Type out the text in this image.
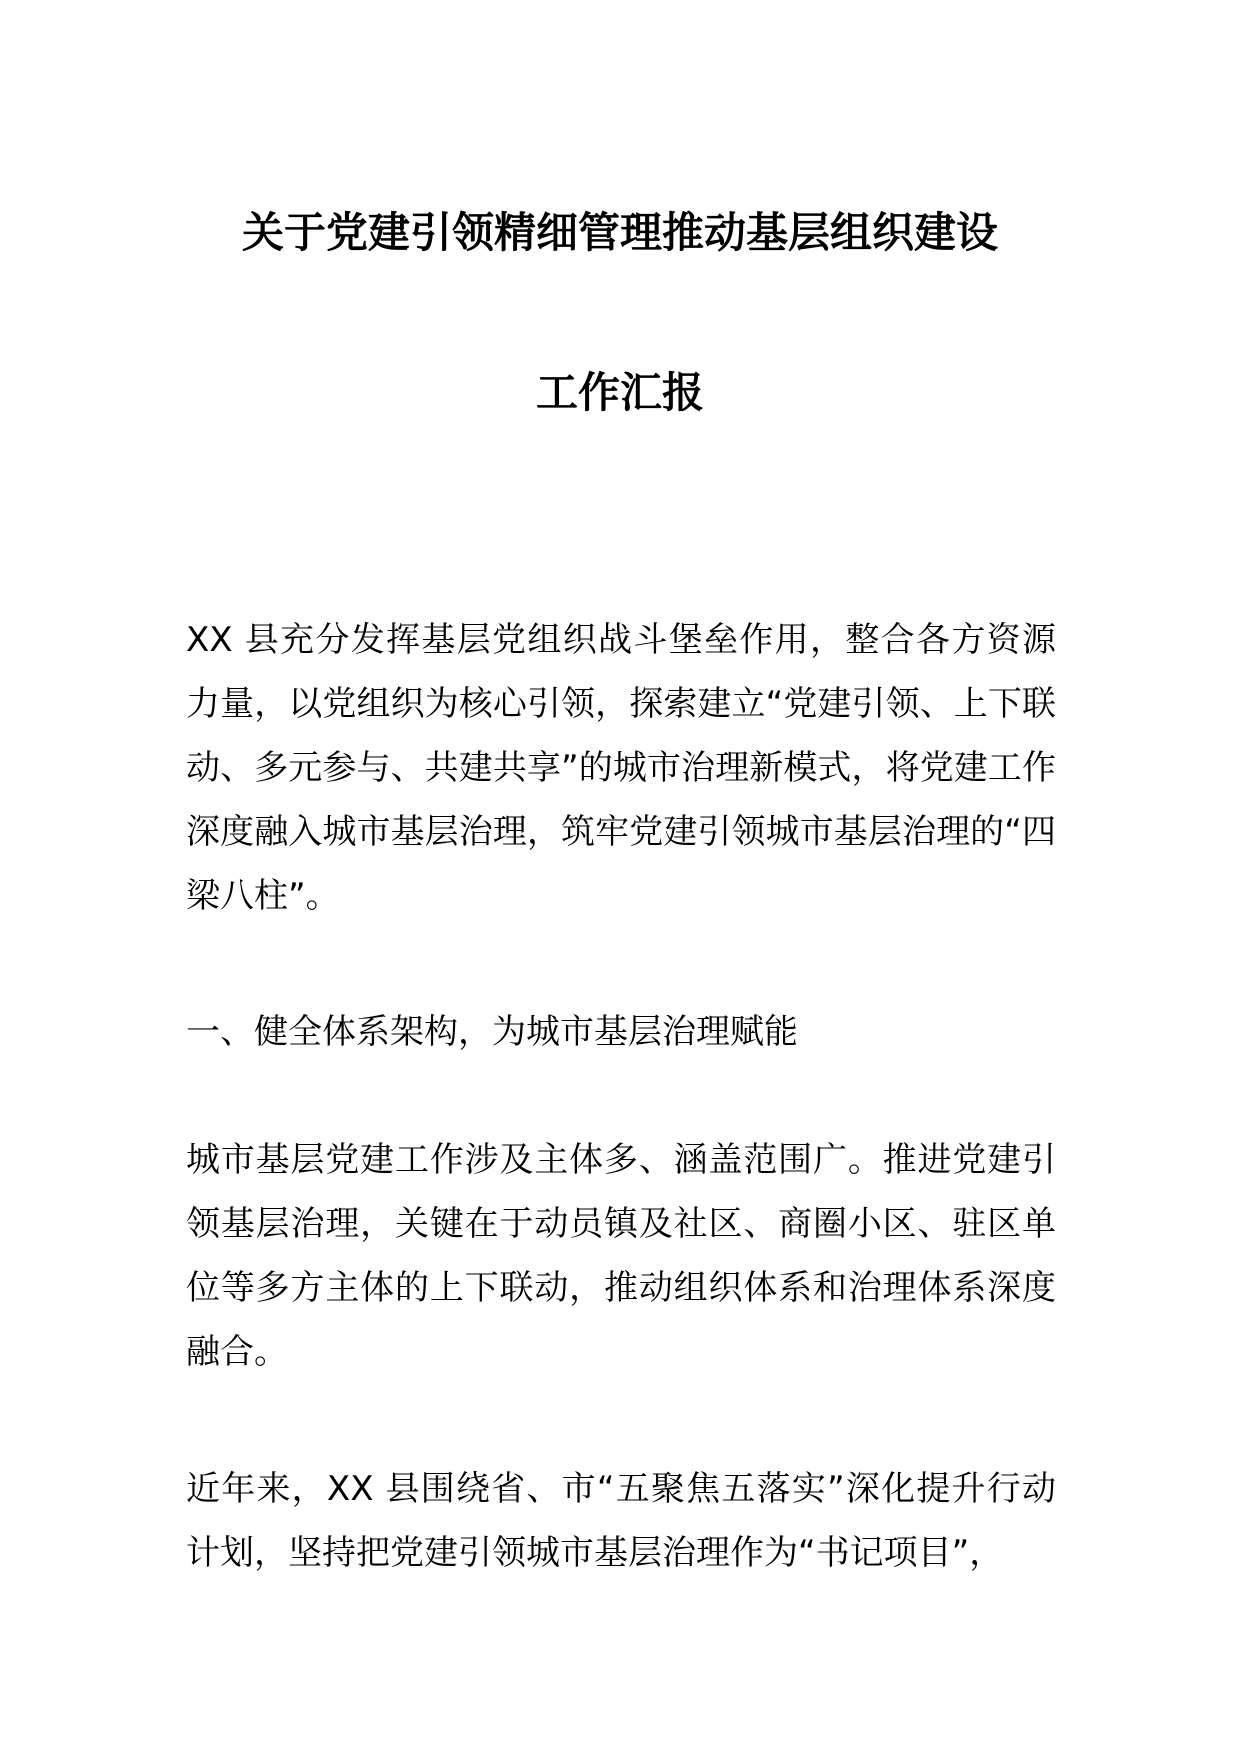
关于党建引领精细管理推动基层组织建设
工作汇报

XX 县充分发挥基层党组织战斗堡垒作用，整合各方资源力量，以党组织为核心引领，探索建立“党建引领、上下联动、多元参与、共建共享”的城市治理新模式，将党建工作深度融入城市基层治理，筑牢党建引领城市基层治理的“四梁八柱”。

一、健全体系架构，为城市基层治理赋能

城市基层党建工作涉及主体多、涵盖范围广。推进党建引领基层治理，关键在于动员镇及社区、商圈小区、驻区单位等多方主体的上下联动，推动组织体系和治理体系深度融合。

近年来，XX 县围绕省、市“五聚焦五落实”深化提升行动计划，坚持把党建引领城市基层治理作为“书记项目”，
